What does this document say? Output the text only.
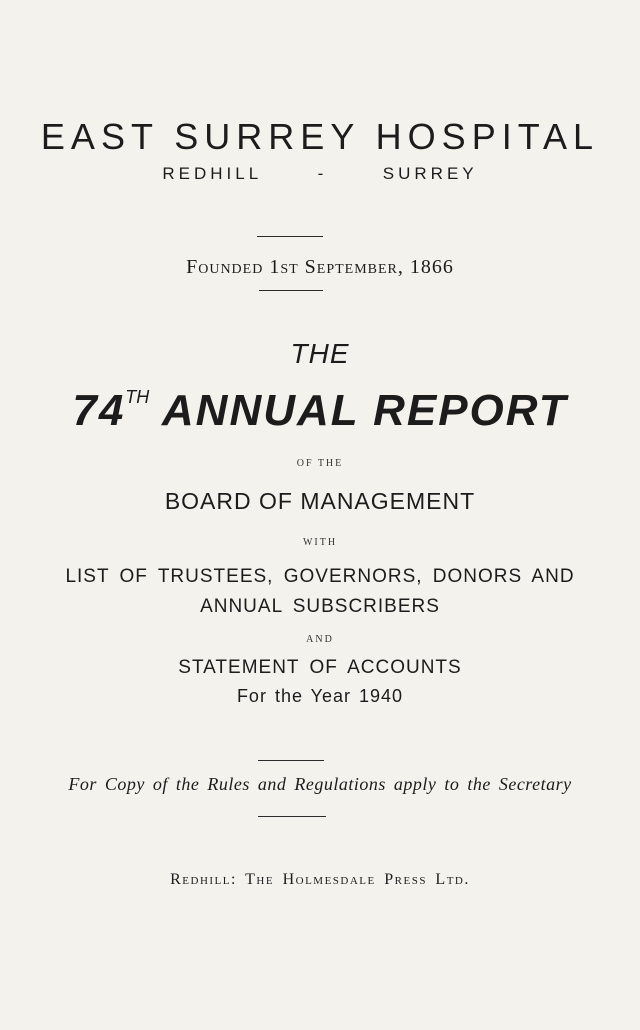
EAST SURREY HOSPITAL
REDHILL	-	SURREY
Founded 1st September, 1866
THE
74TH ANNUAL REPORT
OF THE
BOARD OF MANAGEMENT
WITH
LIST OF TRUSTEES, GOVERNORS, DONORS AND
ANNUAL SUBSCRIBERS
AND
STATEMENT OF ACCOUNTS
For the Year 1940
For Copy of the Rules and Regulations apply to the Secretary
Redhill: The Holmesdale Press Ltd.
